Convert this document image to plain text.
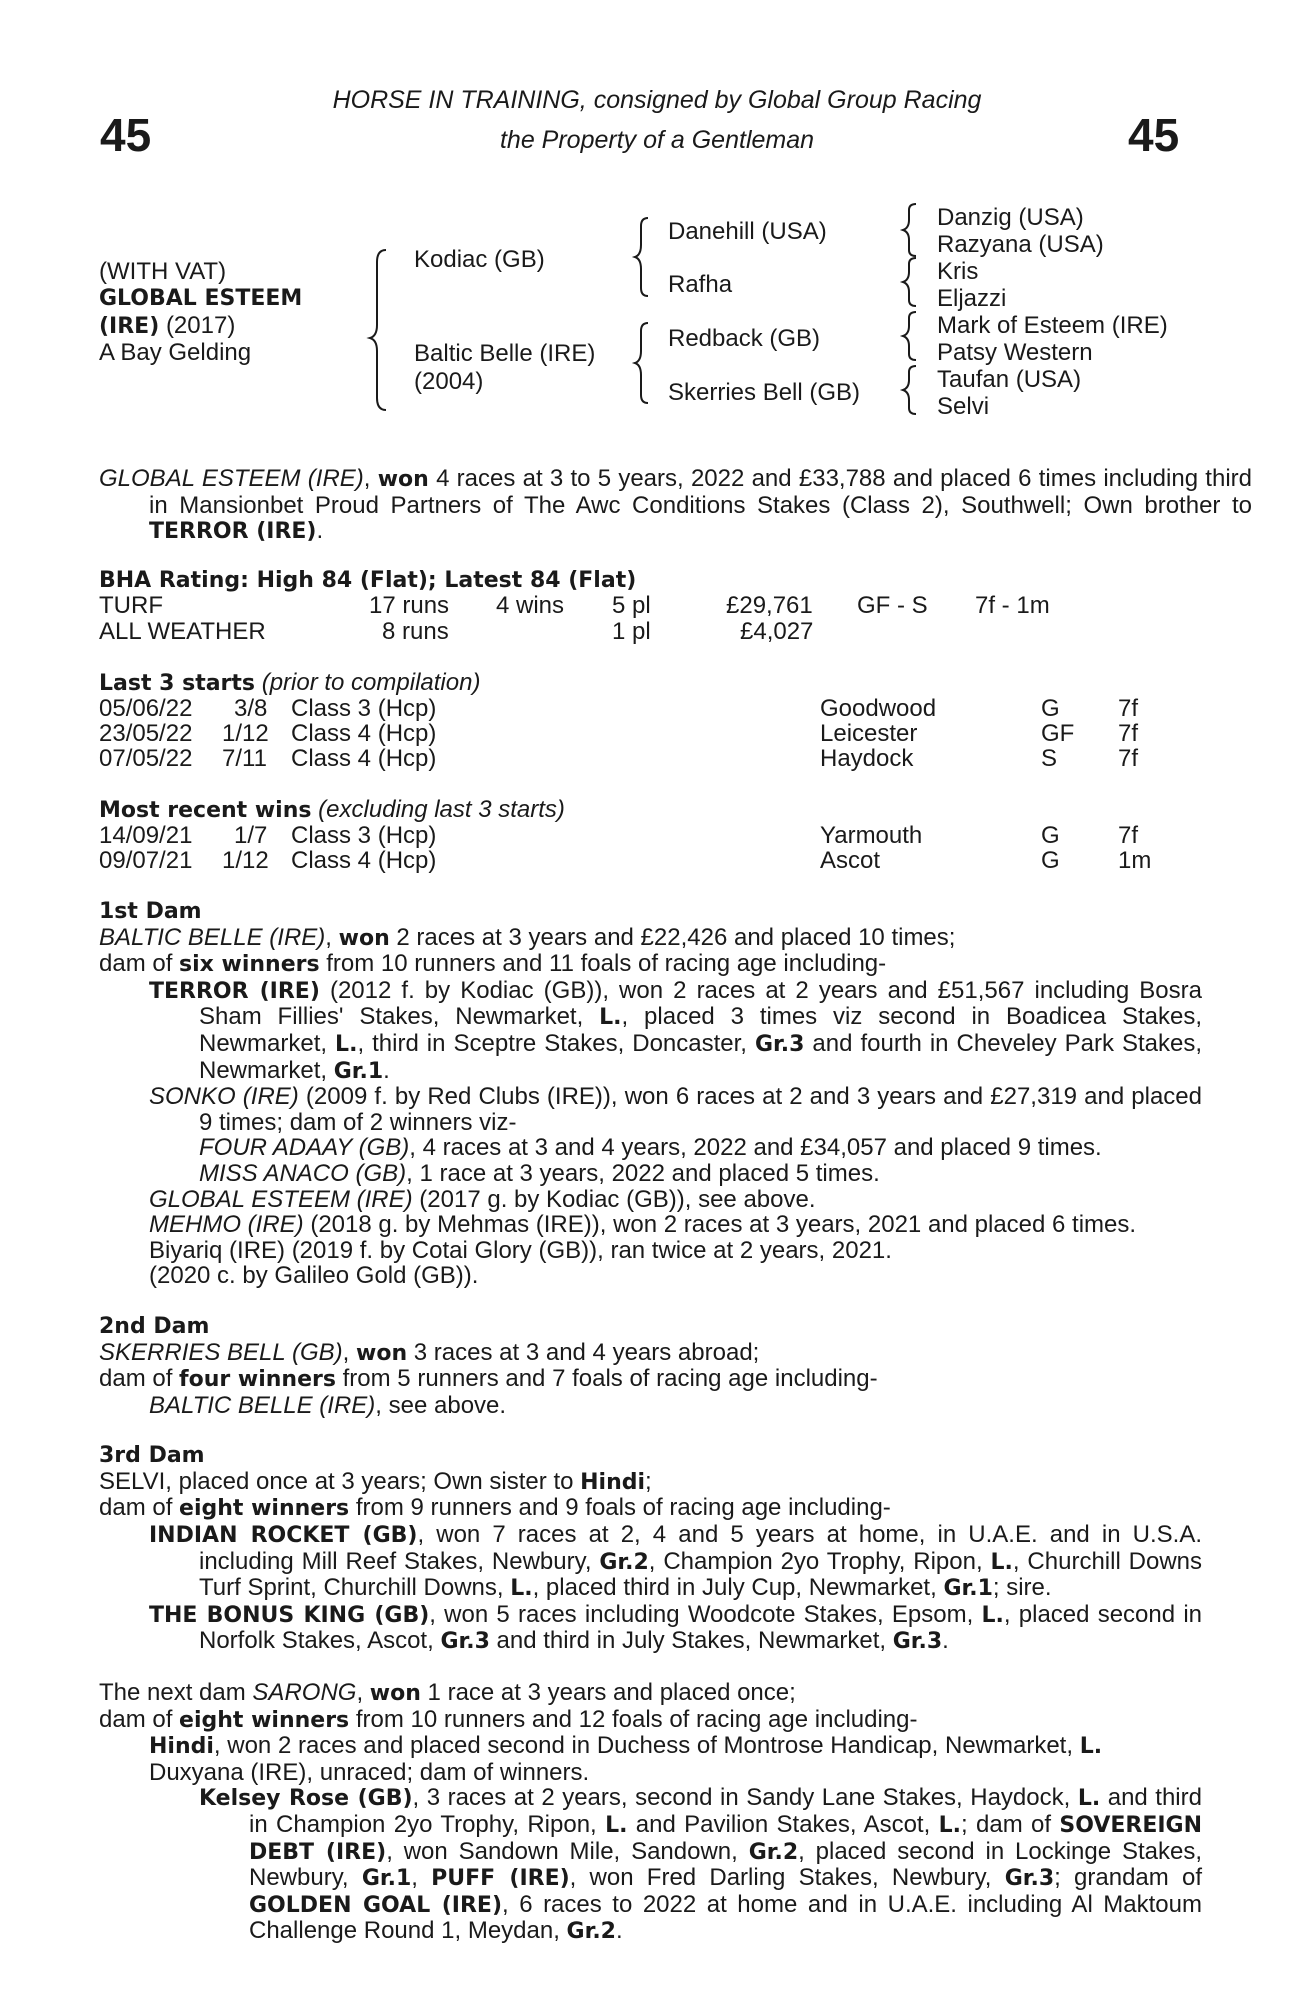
45	45
HORSE IN TRAINING, consigned by Global Group Racing
the Property of a Gentleman
(WITH VAT)
GLOBAL ESTEEM
(IRE) (2017)
A Bay Gelding
Kodiac (GB)
Baltic Belle (IRE)
(2004)
Danehill (USA)
Rafha
Redback (GB)
Skerries Bell (GB)
Danzig (USA)
Razyana (USA)
Kris
Eljazzi
Mark of Esteem (IRE)
Patsy Western
Taufan (USA)
Selvi
GLOBAL ESTEEM (IRE), won 4 races at 3 to 5 years, 2022 and £33,788 and placed 6 times including third in Mansionbet Proud Partners of The Awc Conditions Stakes (Class 2), Southwell; Own brother to TERROR (IRE).
BHA Rating: High 84 (Flat); Latest 84 (Flat)
TURF	17 runs 4 wins 5 pl	£29,761 GF - S 7f - 1m
ALL WEATHER	8 runs	1 pl	£4,027
Last 3 starts (prior to compilation)
05/06/22 3/8 Class 3 (Hcp)	Goodwood	G 7f
23/05/22 1/12 Class 4 (Hcp)	Leicester	GF 7f
07/05/22 7/11 Class 4 (Hcp)	Haydock	S	7f
Most recent wins (excluding last 3 starts)
14/09/21 1/7 Class 3 (Hcp)	Yarmouth	G 7f
09/07/21 1/12 Class 4 (Hcp)	Ascot	G 1m
1st Dam
BALTIC BELLE (IRE), won 2 races at 3 years and £22,426 and placed 10 times;
dam of six winners from 10 runners and 11 foals of racing age including-
TERROR (IRE) (2012 f. by Kodiac (GB)), won 2 races at 2 years and £51,567 including Bosra Sham Fillies' Stakes, Newmarket, L., placed 3 times viz second in Boadicea Stakes, Newmarket, L., third in Sceptre Stakes, Doncaster, Gr.3 and fourth in Cheveley Park Stakes, Newmarket, Gr.1.
SONKO (IRE) (2009 f. by Red Clubs (IRE)), won 6 races at 2 and 3 years and £27,319 and placed 9 times; dam of 2 winners viz-
FOUR ADAAY (GB), 4 races at 3 and 4 years, 2022 and £34,057 and placed 9 times.
MISS ANACO (GB), 1 race at 3 years, 2022 and placed 5 times.
GLOBAL ESTEEM (IRE) (2017 g. by Kodiac (GB)), see above.
MEHMO (IRE) (2018 g. by Mehmas (IRE)), won 2 races at 3 years, 2021 and placed 6 times.
Biyariq (IRE) (2019 f. by Cotai Glory (GB)), ran twice at 2 years, 2021.
(2020 c. by Galileo Gold (GB)).
2nd Dam
SKERRIES BELL (GB), won 3 races at 3 and 4 years abroad;
dam of four winners from 5 runners and 7 foals of racing age including-
BALTIC BELLE (IRE), see above.
3rd Dam
SELVI, placed once at 3 years; Own sister to Hindi;
dam of eight winners from 9 runners and 9 foals of racing age including-
INDIAN ROCKET (GB), won 7 races at 2, 4 and 5 years at home, in U.A.E. and in U.S.A. including Mill Reef Stakes, Newbury, Gr.2, Champion 2yo Trophy, Ripon, L., Churchill Downs Turf Sprint, Churchill Downs, L., placed third in July Cup, Newmarket, Gr.1; sire.
THE BONUS KING (GB), won 5 races including Woodcote Stakes, Epsom, L., placed second in Norfolk Stakes, Ascot, Gr.3 and third in July Stakes, Newmarket, Gr.3.
The next dam SARONG, won 1 race at 3 years and placed once;
dam of eight winners from 10 runners and 12 foals of racing age including-
Hindi, won 2 races and placed second in Duchess of Montrose Handicap, Newmarket, L.
Duxyana (IRE), unraced; dam of winners.
Kelsey Rose (GB), 3 races at 2 years, second in Sandy Lane Stakes, Haydock, L. and third in Champion 2yo Trophy, Ripon, L. and Pavilion Stakes, Ascot, L.; dam of SOVEREIGN DEBT (IRE), won Sandown Mile, Sandown, Gr.2, placed second in Lockinge Stakes, Newbury, Gr.1, PUFF (IRE), won Fred Darling Stakes, Newbury, Gr.3; grandam of GOLDEN GOAL (IRE), 6 races to 2022 at home and in U.A.E. including Al Maktoum Challenge Round 1, Meydan, Gr.2.
